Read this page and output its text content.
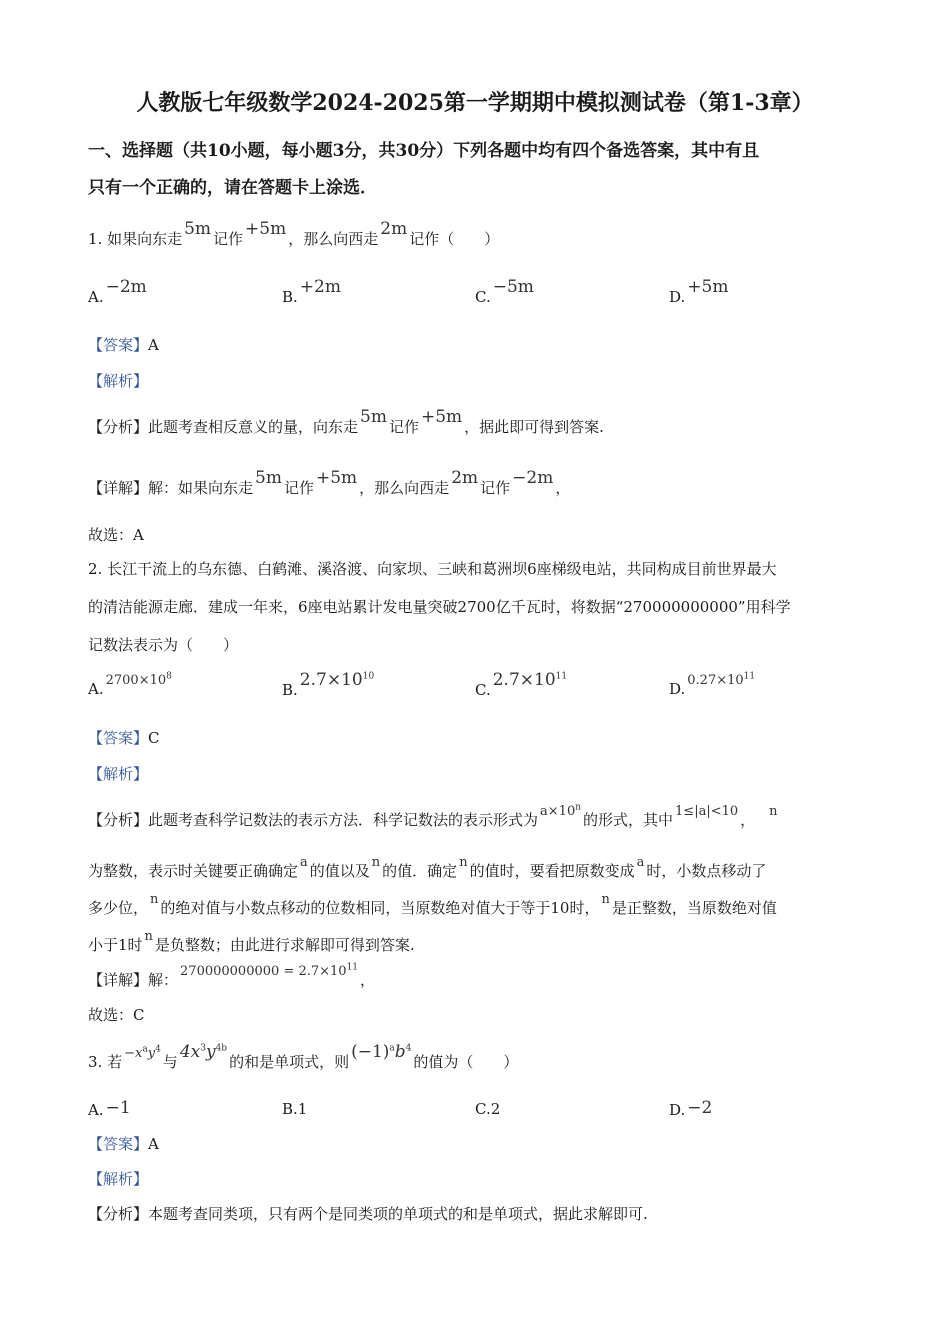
人教版七年级数学2024-2025第一学期期中模拟测试卷（第1-3章）
一、选择题（共10小题，每小题3分，共30分）下列各题中均有四个备选答案，其中有且
只有一个正确的，请在答题卡上涂选．
1. 如果向东走 5m 记作 +5m ，那么向西走 2m 记作（　　）
A. −2m	B. +2m	C. −5m	D. +5m
【答案】A
【解析】
【分析】此题考查相反意义的量，向东走 5m 记作 +5m ，据此即可得到答案.
【详解】解：如果向东走 5m 记作 +5m ，那么向西走 2m 记作 −2m ，
故选：A
2. 长江干流上的乌东德、白鹤滩、溪洛渡、向家坝、三峡和葛洲坝6座梯级电站，共同构成目前世界最大
的清洁能源走廊．建成一年来，6座电站累计发电量突破2700亿千瓦时，将数据“270000000000”用科学
记数法表示为（　　）
A. $2700\times 10^8$
B. $2.7\times 10^{10}$
C. $2.7\times 10^{11}$
D. $0.27\times 10^{11}$
【答案】C
【解析】
【分析】此题考查科学记数法的表示方法．科学记数法的表示形式为 $a\times 10^n$的形式，其中 1≤|a|<10 ， n
为整数，表示时关键要正确确定 a 的值以及 n 的值．确定 n 的值时，要看把原数变成 a 时，小数点移动了
多少位， n 的绝对值与小数点移动的位数相同，当原数绝对值大于等于10时， n 是正整数，当原数绝对值
小于1时 n 是负整数；由此进行求解即可得到答案.
【详解】解： $270000000000 = 2.7\times 10^{11}$，
故选：C
3. 若 $-x^ay^4$与 $4x^3y^{4b}$的和是单项式，则 $(-1)^ab^4$的值为（　　）
A. −1	B.1	C.2	D. −2
【答案】A
【解析】
【分析】本题考查同类项，只有两个是同类项的单项式的和是单项式，据此求解即可.
